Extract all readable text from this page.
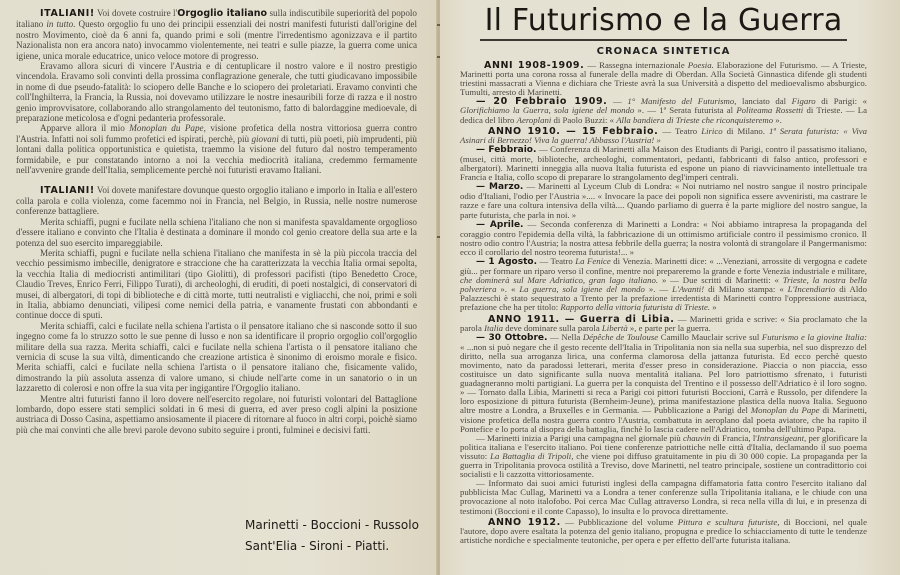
ITALIANI! Voi dovete costruire l'Orgoglio italiano sulla indiscutibile superiorità del popolo italiano in tutto. Questo orgoglio fu uno dei principii essenziali dei nostri manifesti futuristi dall'origine del nostro Movimento, cioè da 6 anni fa, quando primi e soli (mentre l'irredentismo agonizzava e il partito Nazionalista non era ancora nato) invocammo violentemente, nei teatri e sulle piazze, la guerra come unica igiene, unica morale educatrice, unico veloce motore di progresso.

Eravamo allora sicuri di vincere l'Austria e di centuplicare il nostro valore e il nostro prestigio vincendola. Eravamo soli convinti della prossima conflagrazione generale, che tutti giudicavano impossibile in nome di due pseudo-fatalità: lo sciopero delle Banche e lo sciopero dei proletariati. Eravamo convinti che coll'Inghilterra, la Francia, la Russia, noi dovevamo utilizzare le nostre inesauribili forze di razza e il nostro genio improvvisatore, collaborando allo strangolamento del teutonismo, fatto di balordaggine medioevale, di preparazione meticolosa e d'ogni pedanteria professorale.

Apparve allora il mio Monoplan du Pape, visione profetica della nostra vittoriosa guerra contro l'Austria. Infatti noi soli fummo profetici ed ispirati, perchè, più giovani di tutti, più poeti, più imprudenti, più lontani dalla politica opportunistica e quietista, traemmo la visione del futuro dal nostro temperamento formidabile, e pur constatando intorno a noi la vecchia mediocrità italiana, credemmo fermamente nell'avvenire grande dell'Italia, semplicemente perchè noi futuristi eravamo Italiani.

ITALIANI! Voi dovete manifestare dovunque questo orgoglio italiano e imporlo in Italia e all'estero colla parola e colla violenza, come facemmo noi in Francia, nel Belgio, in Russia, nelle nostre numerose conferenze battagliere.

Merita schiaffi, pugni e fucilate nella schiena l'italiano che non si manifesta spavaldamente orgoglioso d'essere italiano e convinto che l'Italia è destinata a dominare il mondo col genio creatore della sua arte e la potenza del suo esercito impareggiabile.

Merita schiaffi, pugni e fucilate nella schiena l'italiano che manifesta in sè la più piccola traccia del vecchio pessimismo imbecille, denigratore e straccione che ha caratterizzata la vecchia Italia ormai sepolta, la vecchia Italia di mediocristi antimilitari (tipo Giolitti), di professori pacifisti (tipo Benedetto Croce, Claudio Treves, Enrico Ferri, Filippo Turati), di archeologhi, di eruditi, di poeti nostalgici, di conservatori di musei, di albergatori, di topi di biblioteche e di città morte, tutti neutralisti e vigliacchi, che noi, primi e soli in Italia, abbiamo denunciati, vilipesi come nemici della patria, e vanamente frustati con abbondanti e continue docce di sputi.

Merita schiaffi, calci e fucilate nella schiena l'artista o il pensatore italiano che si nasconde sotto il suo ingegno come fa lo struzzo sotto le sue penne di lusso e non sa identificare il proprio orgoglio coll'orgoglio militare della sua razza. Merita schiaffi, calci e fucilate nella schiena l'artista o il pensatore italiano che vernicia di scuse la sua viltà, dimenticando che creazione artistica è sinonimo di eroismo morale e fisico. Merita schiaffi, calci e fucilate nella schiena l'artista o il pensatore italiano che, fisicamente valido, dimostrando la più assoluta assenza di valore umano, si chiude nell'arte come in un sanatorio o in un lazzaretto di colerosi e non offre la sua vita per ingigantire l'Orgoglio italiano.

Mentre altri futuristi fanno il loro dovere nell'esercito regolare, noi futuristi volontari del Battaglione lombardo, dopo essere stati semplici soldati in 6 mesi di guerra, ed aver preso cogli alpini la posizione austriaca di Dosso Casina, aspettiamo ansiosamente il piacere di ritornare al fuoco in altri corpi, poichè siamo più che mai convinti che alle brevi parole devono subito seguire i pronti, fulminei e decisivi fatti.

Marinetti - Boccioni - Russolo
Sant'Elia - Sironi - Piatti.
Il Futurismo e la Guerra
CRONACA SINTETICA

ANNI 1908-1909. — Rassegna internazionale Poesia. Elaborazione del Futurismo. — A Trieste, Marinetti porta una corona rossa al funerale della madre di Oberdan. Alla Società Ginnastica difende gli studenti triestini massacrati a Vienna e dichiara che Trieste avrà la sua Università a dispetto del medioevalismo absburgico. Tumulti, arresto di Marinetti.

— 20 Febbraio 1909. — 1° Manifesto del Futurismo, lanciato dal Figaro di Parigi: « Glorifichiamo la Guerra, sola igiene del mondo ». — 1ª Serata futurista al Politeama Rossetti di Trieste. — La dedica del libro Aeroplani di Paolo Buzzi: « Alla bandiera di Trieste che riconquisteremo ».

ANNO 1910. — 15 Febbraio. — Teatro Lirico di Milano. 1ª Serata futurista: « Viva Asinari di Bernezzo! Viva la guerra! Abbasso l'Austria! »

— Febbraio. — Conferenza di Marinetti alla Maison des Etudiants di Parigi, contro il passatismo italiano, (musei, città morte, biblioteche, archeologhi, commentatori, pedanti, fabbricanti di falso antico, professori e albergatori). Marinetti inneggia alla nuova Italia futurista ed espone un piano di riavvicinamento intellettuale tra Francia e Italia, collo scopo di preparare lo strangolamento degl'imperi centrali.

— Marzo. — Marinetti al Lyceum Club di Londra: « Noi nutriamo nel nostro sangue il nostro principale odio d'Italiani, l'odio per l'Austria ».... « Invocare la pace dei popoli non significa essere avveniristi, ma castrare le razze e fare una coltura intensiva della viltà.... Quando parliamo di guerra è la parte migliore del nostro sangue, la parte futurista, che parla in noi. »

— Aprile. — Seconda conferenza di Marinetti a Londra: « Noi abbiamo intrapresa la propaganda del coraggio contro l'epidemia della viltà, la fabbricazione di un ottimismo artificiale contro il pessimismo cronico. Il nostro odio contro l'Austria; la nostra attesa febbrile della guerra; la nostra volontà di strangolare il Pangermanismo: ecco il corollario del nostro teorema futurista!... »

— 1 Agosto. — Teatro La Fenice di Venezia. Marinetti dice: « ...Veneziani, arrossite di vergogna e cadete giù... per formare un riparo verso il confine, mentre noi prepareremo la grande e forte Venezia industriale e militare, che dominerà sul Mare Adriatico, gran lago italiano. » — Due scritti di Marinetti: « Trieste, la nostra bella polveriera ». « La guerra, sola igiene del mondo ». — L'Avanti! di Milano stampa: « L'Incendiario di Aldo Palazzeschi è stato sequestrato a Trento per la prefazione irredentista di Marinetti contro l'oppressione austriaca, prefazione che ha per titolo: Rapporto della vittoria futurista di Trieste. »

ANNO 1911. — Guerra di Libia. — Marinetti grida e scrive: « Sia proclamato che la parola Italia deve dominare sulla parola Libertà », e parte per la guerra.

— 30 Ottobre. — Nella Dépêche de Toulouse Camillo Mauclair scrive sul Futurismo e la giovine Italia: « ...non si può negare che il gesto recente dell'Italia in Tripolitania non sia nella sua superbia, nel suo disprezzo del diritto, nella sua arroganza lirica, una conferma clamorosa della jattanza futurista. Ed ecco perchè questo movimento, nato da paradossi letterari, merita d'esser preso in considerazione. Piaccia o non piaccia, esso costituisce un dato significante sulla nuova mentalità italiana. Pel loro patriottismo sfrenato, i futuristi guadagneranno molti partigiani. La guerra per la conquista del Trentino e il possesso dell'Adriatico è il loro sogno. » — Tornato dalla Libia, Marinetti si reca a Parigi coi pittori futuristi Boccioni, Carrà e Russolo, per difendere la loro esposizione di pittura futurista (Bernheim-Jeune), prima manifestazione plastica della nuova Italia. Seguono altre mostre a Londra, a Bruxelles e in Germania. — Pubblicazione a Parigi del Monoplan du Pape di Marinetti, visione profetica della nostra guerra contro l'Austria, combattuta in aeroplano dal poeta aviatore, che ha rapito il Pontefice e lo porta al disopra della battaglia, finchè lo lascia cadere nell'Adriatico, tomba dell'ultimo Papa.

— Marinetti inizia a Parigi una campagna nel giornale più chauvin di Francia, l'Intransigeant, per glorificare la politica italiana e l'esercito italiano. Poi tiene conferenze patriottiche nelle città d'Italia, declamando il suo poema vissuto: La Battaglia di Tripoli, che viene poi diffuso gratuitamente in piu di 30 000 copie. La propaganda per la guerra in Tripolitania provoca ostilità a Treviso, dove Marinetti, nel teatro principale, sostiene un contradittorio coi socialisti e li cazzotta vittoriosamente.

— Informato dai suoi amici futuristi inglesi della campagna diffamatoria fatta contro l'esercito italiano dal pubblicista Mac Cullag, Marinetti va a Londra a tener conferenze sulla Tripolitania italiana, e le chiude con una provocazione al noto italofobo. Poi cerca Mac Cullag attraverso Londra, si reca nella villa di lui, e in presenza di testimoni (Boccioni e il conte Capasso), lo insulta e lo provoca direttamente.

ANNO 1912. — Pubblicazione del volume Pittura e scultura futuriste, di Boccioni, nel quale l'autore, dopo avere esaltata la potenza del genio italiano, propugna e predice lo schiacciamento di tutte le tendenze artistiche nordiche e specialmente teutoniche, per opera e per effetto dell'arte futurista italiana.
